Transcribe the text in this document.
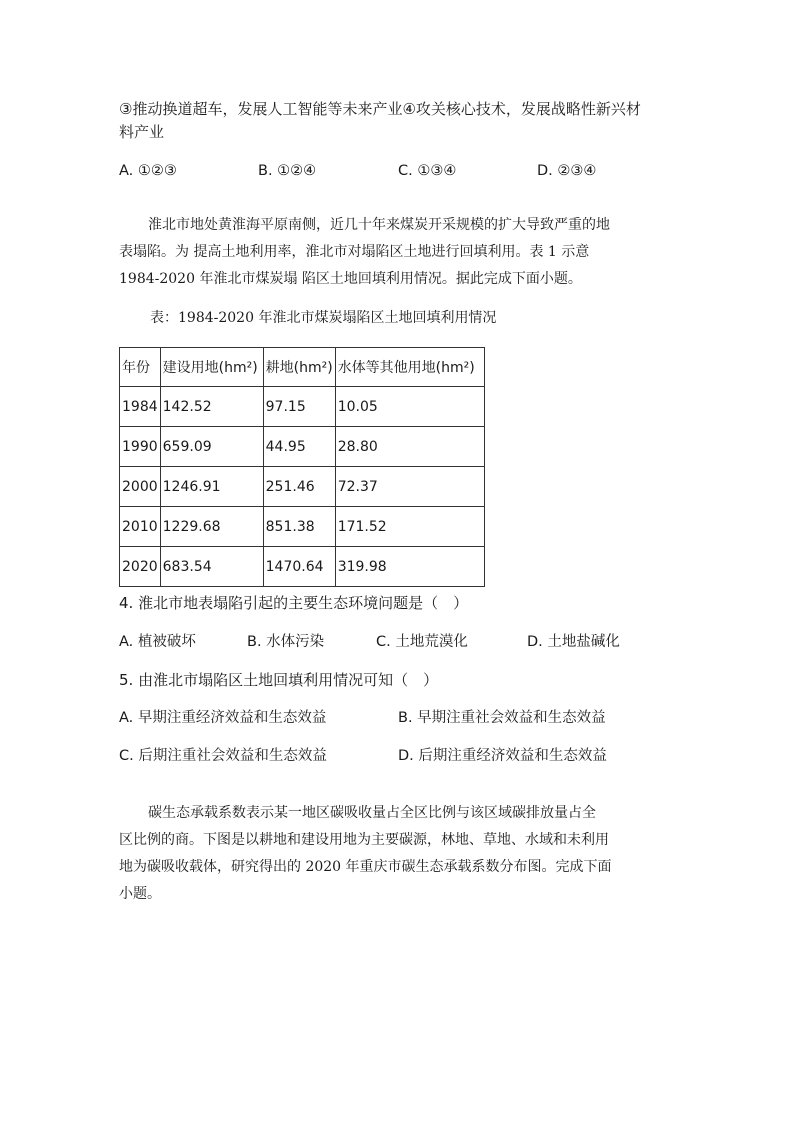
③推动换道超车，发展人工智能等未来产业④攻关核心技术，发展战略性新兴材
料产业
A. ①②③	B. ①②④	C. ①③④	D. ②③④
淮北市地处黄淮海平原南侧，近几十年来煤炭开采规模的扩大导致严重的地
表塌陷。为 提高土地利用率，淮北市对塌陷区土地进行回填利用。表 1 示意
1984-2020 年淮北市煤炭塌 陷区土地回填利用情况。据此完成下面小题。
表：1984-2020 年淮北市煤炭塌陷区土地回填利用情况
年份	建设用地(hm²)	耕地(hm²)	水体等其他用地(hm²)
1984	142.52	97.15	10.05
1990	659.09	44.95	28.80
2000	1246.91	251.46	72.37
2010	1229.68	851.38	171.52
2020	683.54	1470.64	319.98
4. 淮北市地表塌陷引起的主要生态环境问题是（　）
A. 植被破坏	B. 水体污染	C. 土地荒漠化	D. 土地盐碱化
5. 由淮北市塌陷区土地回填利用情况可知（　）
A. 早期注重经济效益和生态效益	B. 早期注重社会效益和生态效益
C. 后期注重社会效益和生态效益	D. 后期注重经济效益和生态效益
碳生态承载系数表示某一地区碳吸收量占全区比例与该区域碳排放量占全
区比例的商。下图是以耕地和建设用地为主要碳源，林地、草地、水域和未利用
地为碳吸收载体，研究得出的 2020 年重庆市碳生态承载系数分布图。完成下面
小题。
